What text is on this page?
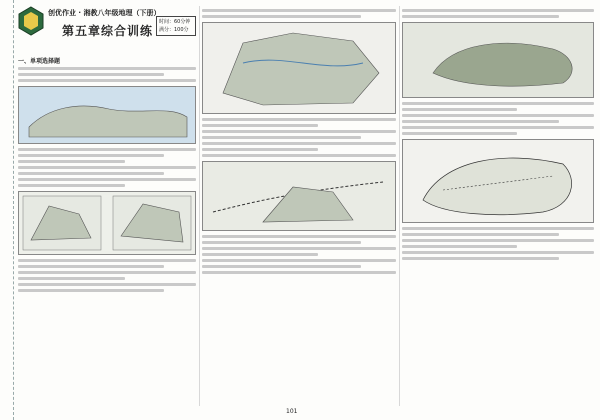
创优作业 · 湘教八年级地理（下册）
第五章综合训练
时间：60分钟
满分：100分
一、单项选择题
101
